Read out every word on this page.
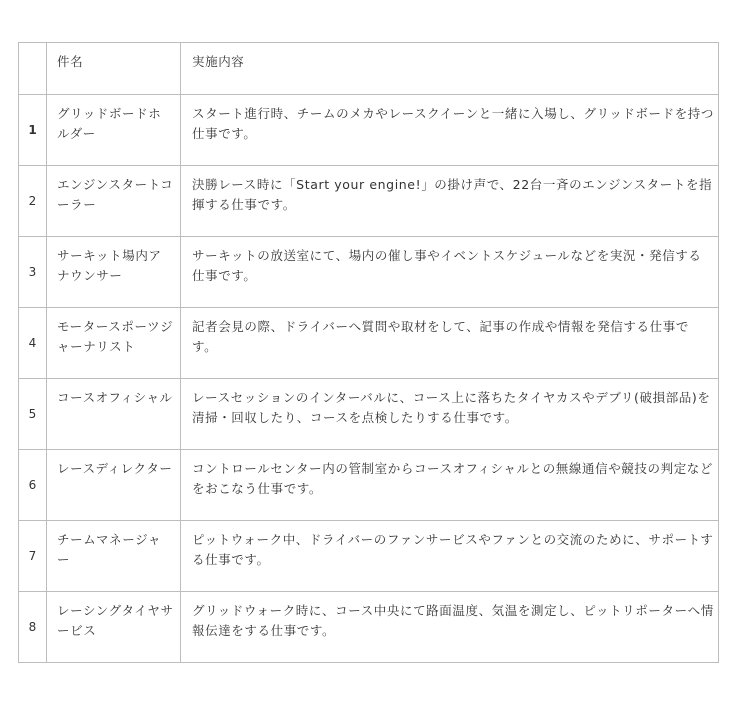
	件名	実施内容

1	グリッドボードホルダー	スタート進行時、チームのメカやレースクイーンと一緒に入場し、グリッドボードを持つ仕事です。

2	エンジンスタートコーラー	決勝レース時に「Start your engine!」の掛け声で、22台一斉のエンジンスタートを指揮する仕事です。

3	サーキット場内アナウンサー	サーキットの放送室にて、場内の催し事やイベントスケジュールなどを実況・発信する仕事です。

4	モータースポーツジャーナリスト	記者会見の際、ドライバーへ質問や取材をして、記事の作成や情報を発信する仕事です。

5	コースオフィシャル	レースセッションのインターバルに、コース上に落ちたタイヤカスやデブリ(破損部品)を清掃・回収したり、コースを点検したりする仕事です。

6	レースディレクター	コントロールセンター内の管制室からコースオフィシャルとの無線通信や競技の判定などをおこなう仕事です。

7	チームマネージャー	ピットウォーク中、ドライバーのファンサービスやファンとの交流のために、サポートする仕事です。

8	レーシングタイヤサービス	グリッドウォーク時に、コース中央にて路面温度、気温を測定し、ピットリポーターへ情報伝達をする仕事です。
